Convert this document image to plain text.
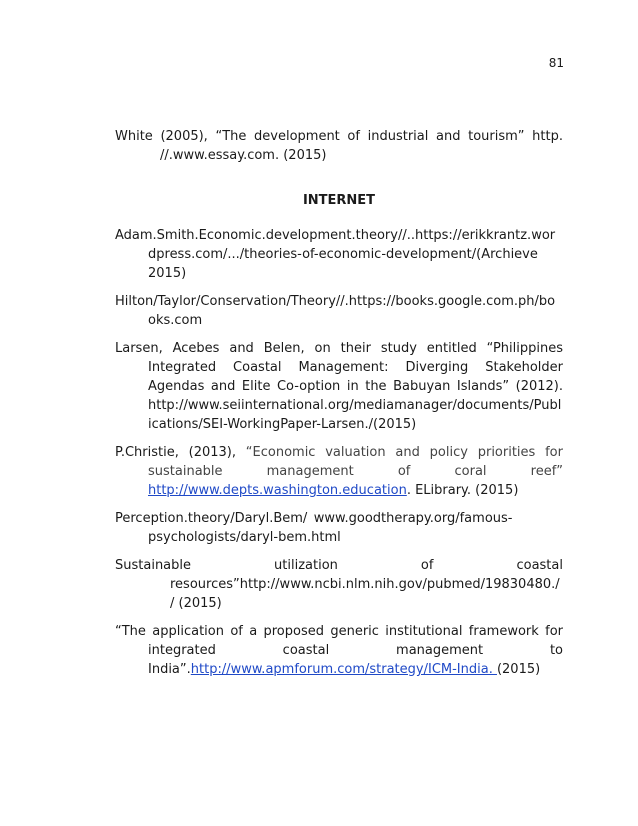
81

White (2005), “The development of industrial and tourism” http. //.www.essay.com. (2015)

INTERNET

Adam.Smith.Economic.development.theory//..https://erikkrantz.wordpress.com/.../theories-of-economic-development/(Archieve 2015)

Hilton/Taylor/Conservation/Theory//.https://books.google.com.ph/books.com

Larsen, Acebes and Belen, on their study entitled “Philippines Integrated Coastal Management: Diverging Stakeholder Agendas and Elite Co-option in the Babuyan Islands” (2012). http://www.seiinternational.org/mediamanager/documents/Publications/SEI-WorkingPaper-Larsen./(2015)

P.Christie, (2013), “Economic valuation and policy priorities for sustainable management of coral reef” http://www.depts.washington.education. ELibrary. (2015)

Perception.theory/Daryl.Bem/ www.goodtherapy.org/famous-psychologists/daryl-bem.html

Sustainable utilization of coastal resources”http://www.ncbi.nlm.nih.gov/pubmed/19830480.// (2015)

“The application of a proposed generic institutional framework for integrated coastal management to India”.http://www.apmforum.com/strategy/ICM-India. (2015)
